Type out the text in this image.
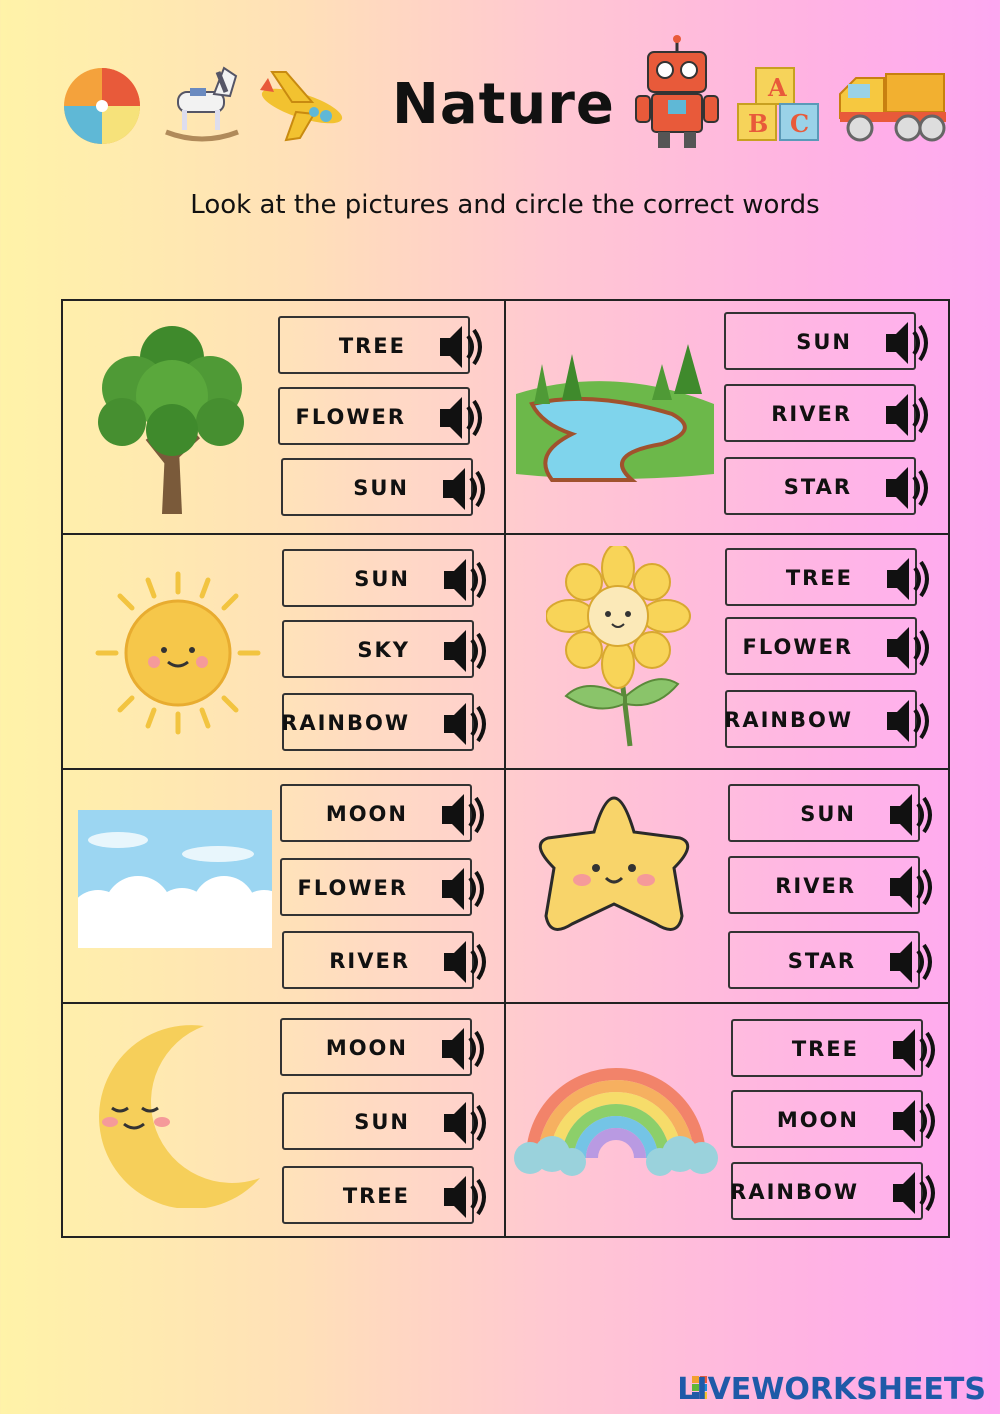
Nature	A
B C
Look at the pictures and circle the correct words
TREE
FLOWER
SUN
SUN
RIVER
STAR
SUN
SKY
RAINBOW
TREE
FLOWER
RAINBOW
MOON
FLOWER
RIVER
SUN
RIVER
STAR
MOON
SUN
TREE
TREE
MOON
RAINBOW
LIVEWORKSHEETS
